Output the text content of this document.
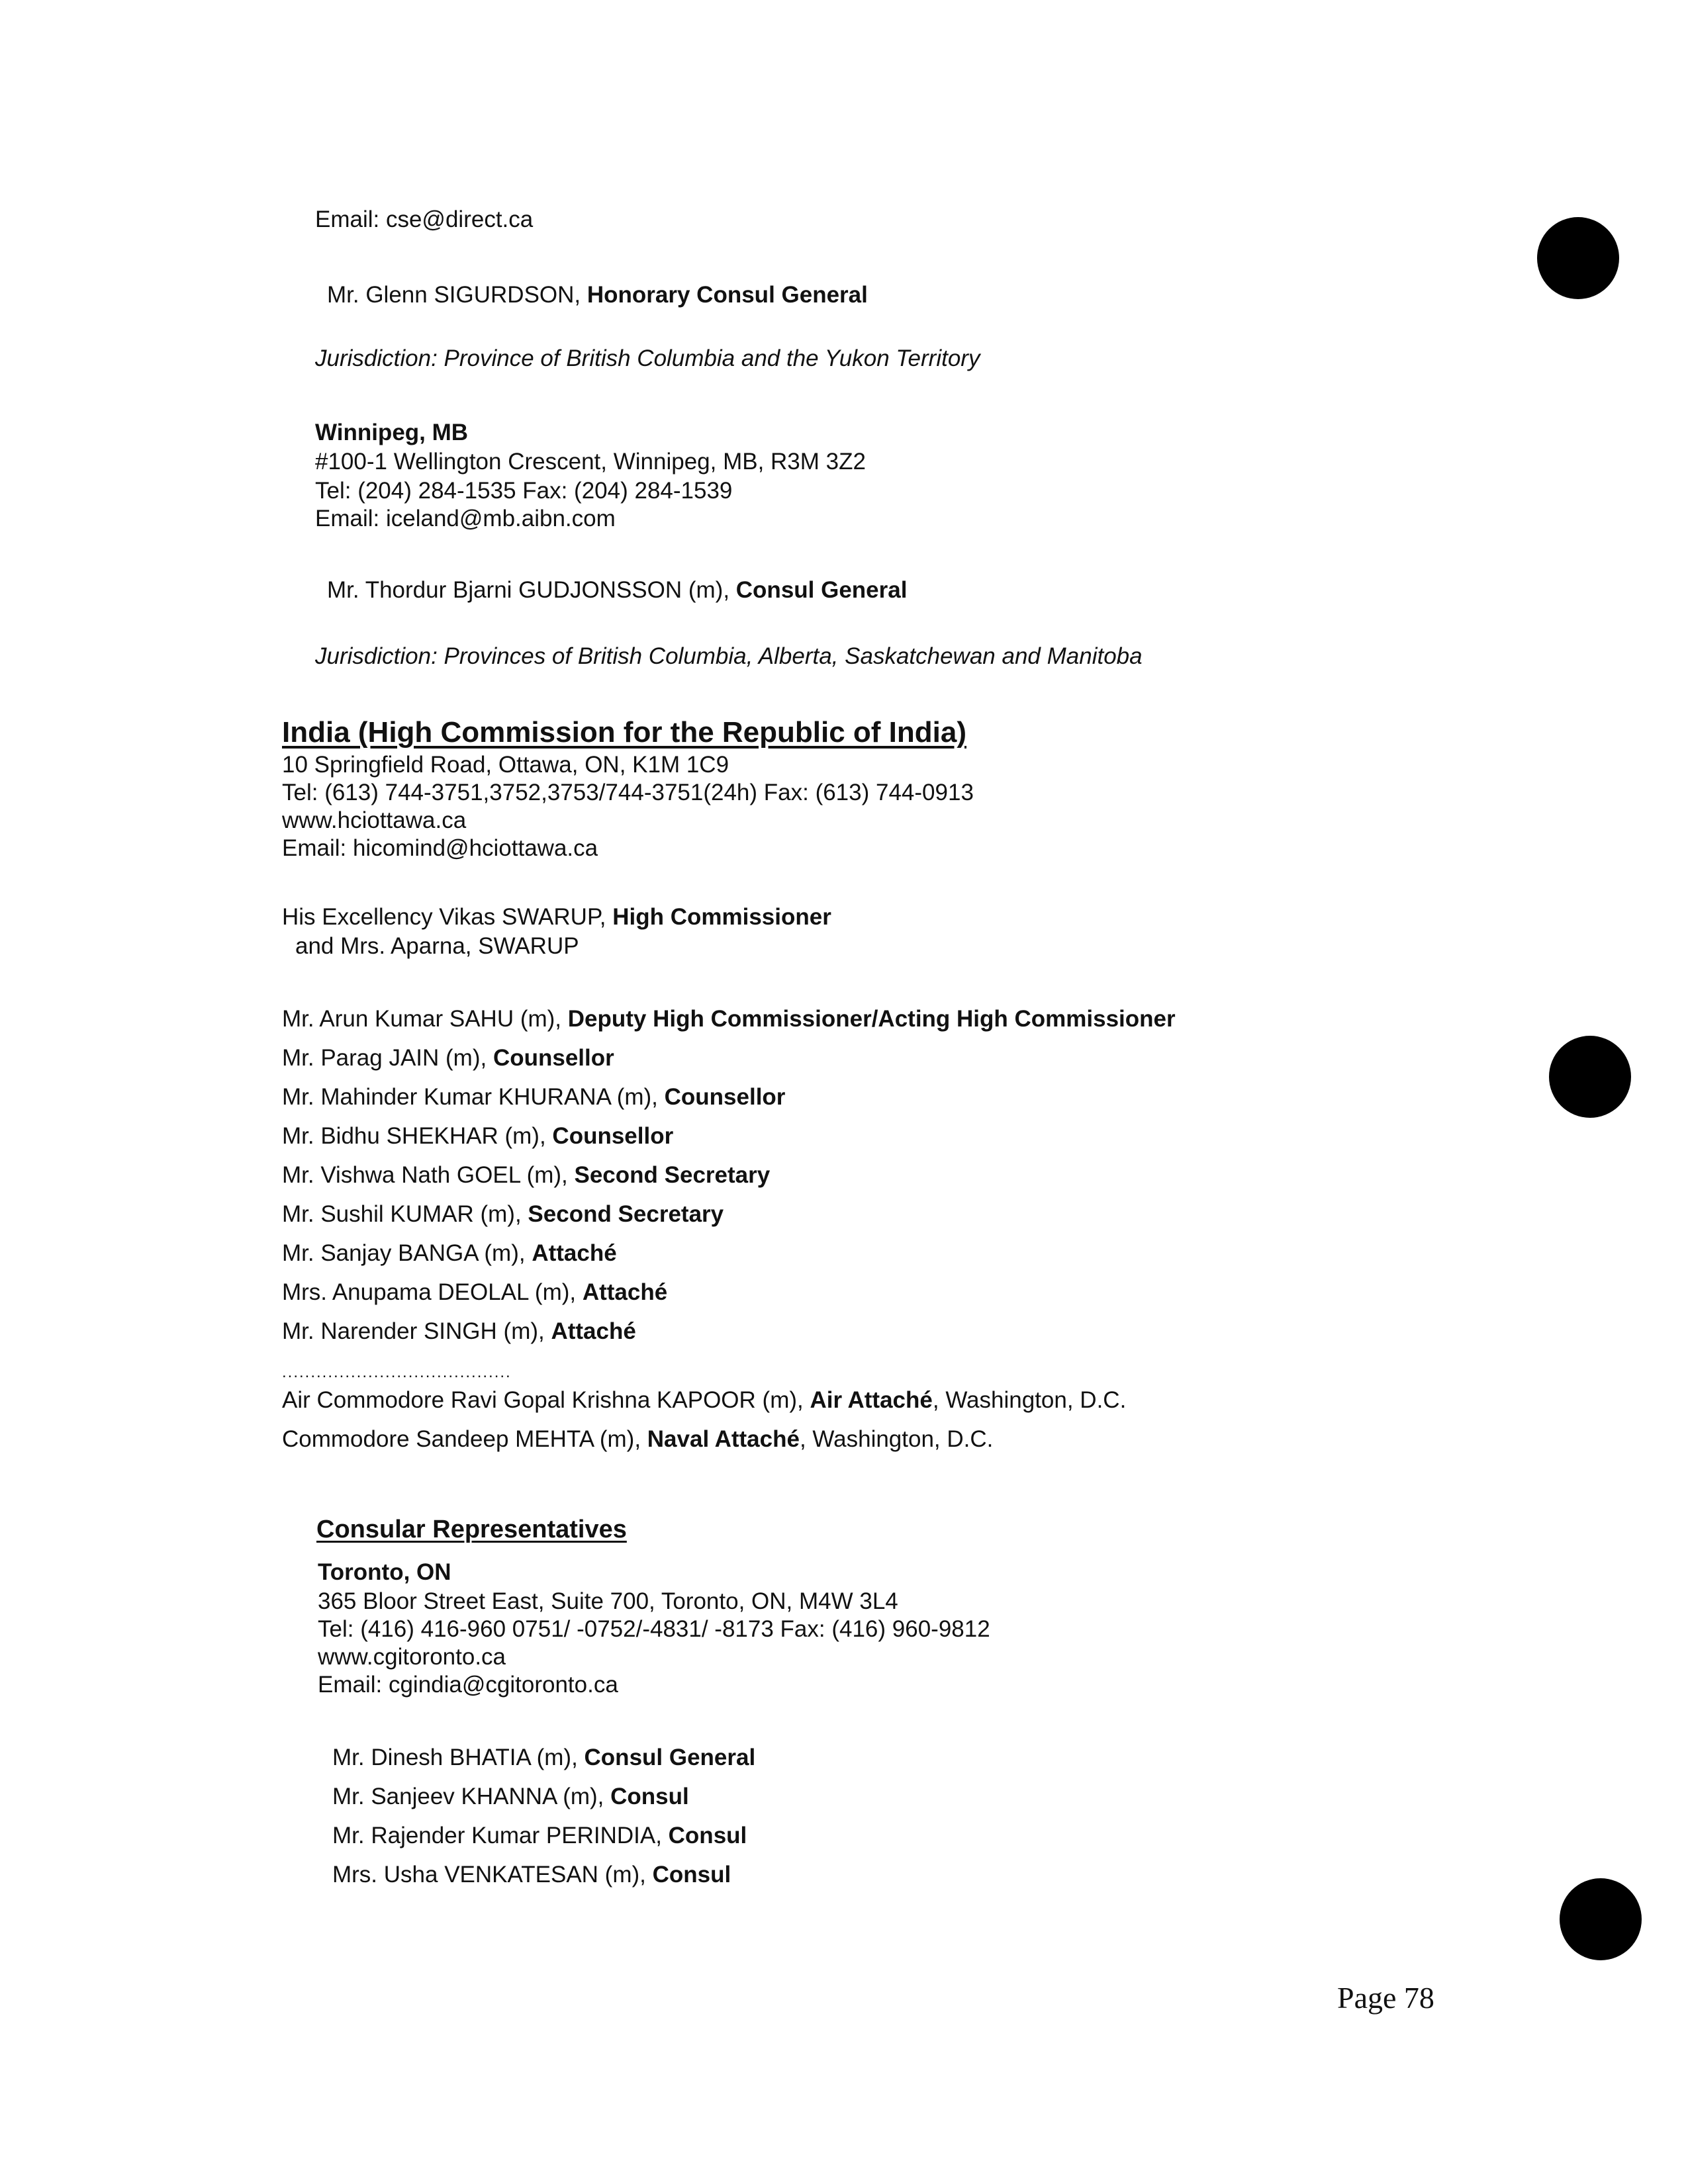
Email: cse@direct.ca
Mr. Glenn SIGURDSON, Honorary Consul General
Jurisdiction: Province of British Columbia and the Yukon Territory
Winnipeg, MB
#100-1 Wellington Crescent, Winnipeg, MB, R3M 3Z2
Tel: (204) 284-1535 Fax: (204) 284-1539
Email: iceland@mb.aibn.com
Mr. Thordur Bjarni GUDJONSSON (m), Consul General
Jurisdiction: Provinces of British Columbia, Alberta, Saskatchewan and Manitoba
India (High Commission for the Republic of India)
10 Springfield Road, Ottawa, ON, K1M 1C9
Tel: (613) 744-3751,3752,3753/744-3751(24h) Fax: (613) 744-0913
www.hciottawa.ca
Email: hicomind@hciottawa.ca
His Excellency Vikas SWARUP, High Commissioner
and Mrs. Aparna, SWARUP
Mr. Arun Kumar SAHU (m), Deputy High Commissioner/Acting High Commissioner
Mr. Parag JAIN (m), Counsellor
Mr. Mahinder Kumar KHURANA (m), Counsellor
Mr. Bidhu SHEKHAR (m), Counsellor
Mr. Vishwa Nath GOEL (m), Second Secretary
Mr. Sushil KUMAR (m), Second Secretary
Mr. Sanjay BANGA (m), Attaché
Mrs. Anupama DEOLAL (m), Attaché
Mr. Narender SINGH (m), Attaché
........................................
Air Commodore Ravi Gopal Krishna KAPOOR (m), Air Attaché, Washington, D.C.
Commodore Sandeep MEHTA (m), Naval Attaché, Washington, D.C.
Consular Representatives
Toronto, ON
365 Bloor Street East, Suite 700, Toronto, ON, M4W 3L4
Tel: (416) 416-960 0751/ -0752/-4831/ -8173 Fax: (416) 960-9812
www.cgitoronto.ca
Email: cgindia@cgitoronto.ca
Mr. Dinesh BHATIA (m), Consul General
Mr. Sanjeev KHANNA (m), Consul
Mr. Rajender Kumar PERINDIA, Consul
Mrs. Usha VENKATESAN (m), Consul
Page 78
